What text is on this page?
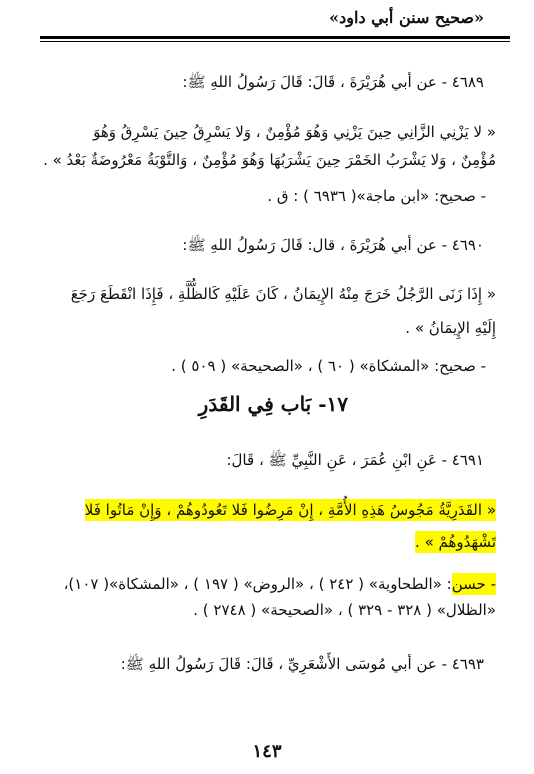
«صحيح سنن أبي داود»
٤٦٨٩ - عن أبي هُرَيْرَةَ ، قَالَ: قَالَ رَسُولُ اللهِ ﷺ:
« لا يَزْنِي الزَّانِي حِينَ يَزْنِي وَهُوَ مُؤْمِنٌ ، وَلا يَسْرِقُ حِينَ يَسْرِقُ وَهُوَ
مُؤْمِنٌ ، وَلا يَشْرَبُ الخَمْرَ حِينَ يَشْرَبُهَا وَهُوَ مُؤْمِنٌ ، وَالتَّوْبَةُ مَعْرُوضَةٌ بَعْدُ » .
- صحيح: «ابن ماجة»( ٦٩٣٦ ) : ق .
٤٦٩٠ - عن أبي هُرَيْرَةَ ، قال: قَالَ رَسُولُ اللهِ ﷺ:
« إِذَا زَنَى الرَّجُلُ خَرَجَ مِنْهُ الإِيمَانُ ، كَانَ عَلَيْهِ كَالظُّلَّةِ ، فَإِذَا انْقَطَعَ رَجَعَ
إِلَيْهِ الإِيمَانُ » .
- صحيح: «المشكاة» ( ٦٠ ) ، «الصحيحة» ( ٥٠٩ ) .
١٧- بَاب فِي القَدَرِ
٤٦٩١ - عَنِ ابْنِ عُمَرَ ، عَنِ النَّبِيِّ ﷺ ، قَالَ:
« القَدَرِيَّةُ مَجُوسُ هَذِهِ الأُمَّةِ ، إِنْ مَرِضُوا فَلا تَعُودُوهُمْ ، وَإِنْ مَاتُوا فَلا
تَشْهَدُوهُمْ » .
- حسن: «الطحاوية» ( ٢٤٢ ) ، «الروض» ( ١٩٧ ) ، «المشكاة»( ١٠٧)،
«الظلال» ( ٣٢٨ - ٣٢٩ ) ، «الصحيحة» ( ٢٧٤٨ ) .
٤٦٩٣ - عن أبي مُوسَى الأَشْعَرِيِّ ، قَالَ: قَالَ رَسُولُ اللهِ ﷺ:
١٤٣
